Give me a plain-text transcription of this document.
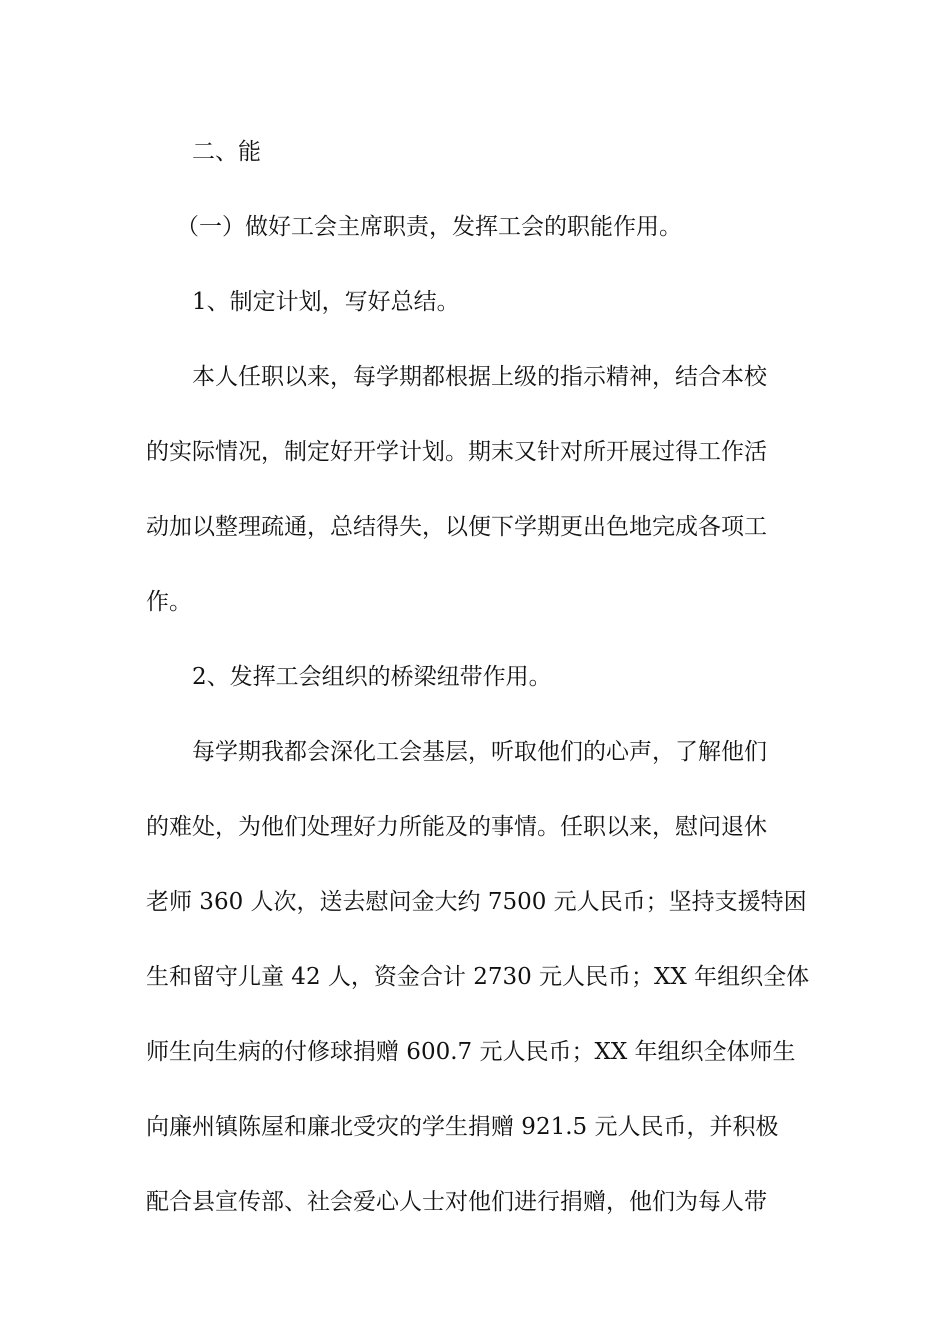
二、能
（一）做好工会主席职责，发挥工会的职能作用。
1、制定计划，写好总结。
本人任职以来，每学期都根据上级的指示精神，结合本校
的实际情况，制定好开学计划。期末又针对所开展过得工作活
动加以整理疏通，总结得失，以便下学期更出色地完成各项工
作。
2、发挥工会组织的桥梁纽带作用。
每学期我都会深化工会基层，听取他们的心声，了解他们
的难处，为他们处理好力所能及的事情。任职以来，慰问退休
老师 360 人次，送去慰问金大约 7500 元人民币；坚持支援特困
生和留守儿童 42 人，资金合计 2730 元人民币；XX 年组织全体
师生向生病的付修球捐赠 600.7 元人民币；XX 年组织全体师生
向廉州镇陈屋和廉北受灾的学生捐赠 921.5 元人民币，并积极
配合县宣传部、社会爱心人士对他们进行捐赠，他们为每人带
